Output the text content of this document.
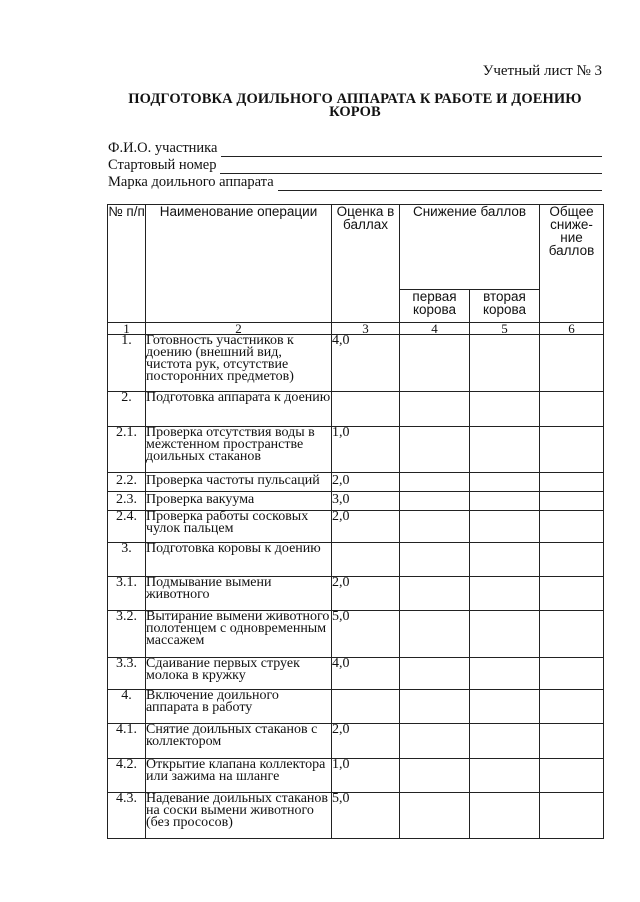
Учетный лист № 3
ПОДГОТОВКА ДОИЛЬНОГО АППАРАТА К РАБОТЕ И ДОЕНИЮ КОРОВ
Ф.И.О. участника
Стартовый номер
Марка доильного аппарата
№ п/п	Наименование операции	Оценка в баллах	Снижение баллов		Общее сниже-ние баллов
			первая корова	вторая корова	
1	2	3	4	5	6
1.	Готовность участников к доению (внешний вид, чистота рук, отсутствие посторонних предметов)	4,0			
2.	Подготовка аппарата к доению				
2.1.	Проверка отсутствия воды в межстенном пространстве доильных стаканов	1,0			
2.2.	Проверка частоты пульсаций	2,0			
2.3.	Проверка вакуума	3,0			
2.4.	Проверка работы сосковых чулок пальцем	2,0			
3.	Подготовка коровы к доению				
3.1.	Подмывание вымени животного	2,0			
3.2.	Вытирание вымени животного полотенцем с одновременным массажем	5,0			
3.3.	Сдаивание первых струек молока в кружку	4,0			
4.	Включение доильного аппарата в работу				
4.1.	Снятие доильных стаканов с коллектором	2,0			
4.2.	Открытие клапана коллектора или зажима на шланге	1,0			
4.3.	Надевание доильных стаканов на соски вымени животного (без прососов)	5,0			
